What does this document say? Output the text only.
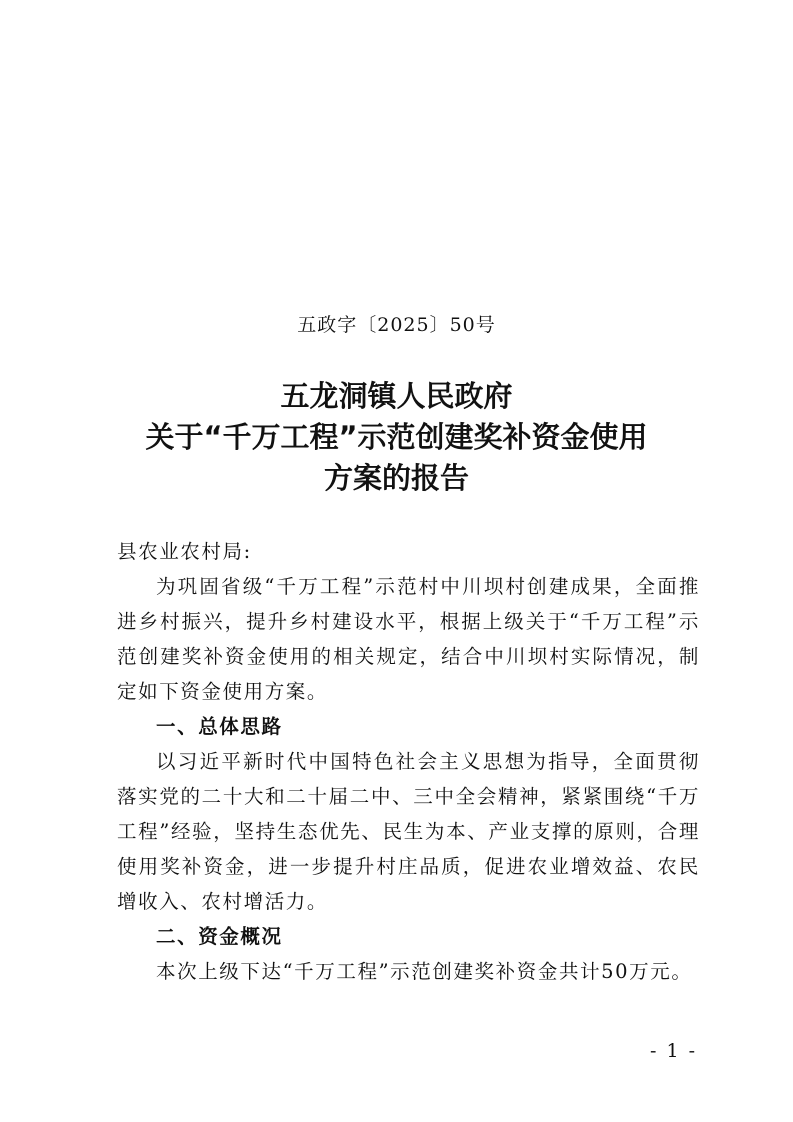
五政字〔2025〕50号
五龙洞镇人民政府
关于“千万工程”示范创建奖补资金使用
方案的报告
县农业农村局:

为巩固省级“千万工程”示范村中川坝村创建成果，全面推进乡村振兴，提升乡村建设水平，根据上级关于“千万工程”示范创建奖补资金使用的相关规定，结合中川坝村实际情况，制定如下资金使用方案。

一、总体思路

以习近平新时代中国特色社会主义思想为指导，全面贯彻落实党的二十大和二十届二中、三中全会精神，紧紧围绕“千万工程”经验，坚持生态优先、民生为本、产业支撑的原则，合理使用奖补资金，进一步提升村庄品质，促进农业增效益、农民增收入、农村增活力。

二、资金概况

本次上级下达“千万工程”示范创建奖补资金共计50万元。

- 1 -
